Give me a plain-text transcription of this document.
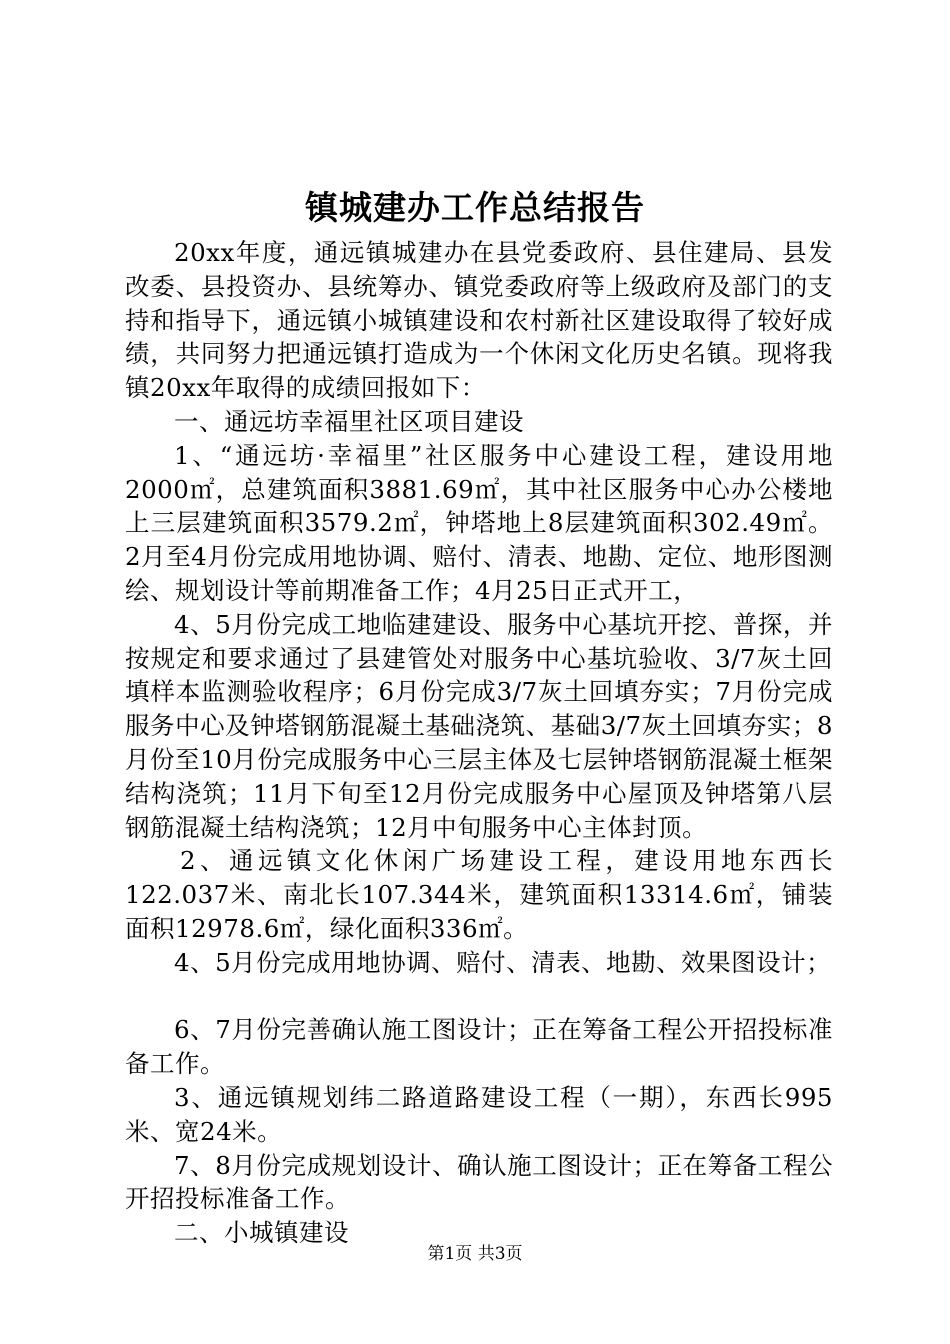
镇城建办工作总结报告

20xx年度，通远镇城建办在县党委政府、县住建局、县发改委、县投资办、县统筹办、镇党委政府等上级政府及部门的支持和指导下，通远镇小城镇建设和农村新社区建设取得了较好成绩，共同努力把通远镇打造成为一个休闲文化历史名镇。现将我镇20xx年取得的成绩回报如下：

一、通远坊幸福里社区项目建设

1、“通远坊·幸福里”社区服务中心建设工程，建设用地2000㎡，总建筑面积3881.69㎡，其中社区服务中心办公楼地上三层建筑面积3579.2㎡，钟塔地上8层建筑面积302.49㎡。2月至4月份完成用地协调、赔付、清表、地勘、定位、地形图测绘、规划设计等前期准备工作；4月25日正式开工，

4、5月份完成工地临建建设、服务中心基坑开挖、普探，并按规定和要求通过了县建管处对服务中心基坑验收、3/7灰土回填样本监测验收程序；6月份完成3/7灰土回填夯实；7月份完成服务中心及钟塔钢筋混凝土基础浇筑、基础3/7灰土回填夯实；8月份至10月份完成服务中心三层主体及七层钟塔钢筋混凝土框架结构浇筑；11月下旬至12月份完成服务中心屋顶及钟塔第八层钢筋混凝土结构浇筑；12月中旬服务中心主体封顶。

2、通远镇文化休闲广场建设工程，建设用地东西长122.037米、南北长107.344米，建筑面积13314.6㎡，铺装面积12978.6㎡，绿化面积336㎡。

4、5月份完成用地协调、赔付、清表、地勘、效果图设计；

6、7月份完善确认施工图设计；正在筹备工程公开招投标准备工作。

3、通远镇规划纬二路道路建设工程（一期），东西长995米、宽24米。

7、8月份完成规划设计、确认施工图设计；正在筹备工程公开招投标准备工作。

二、小城镇建设

第1页 共3页
